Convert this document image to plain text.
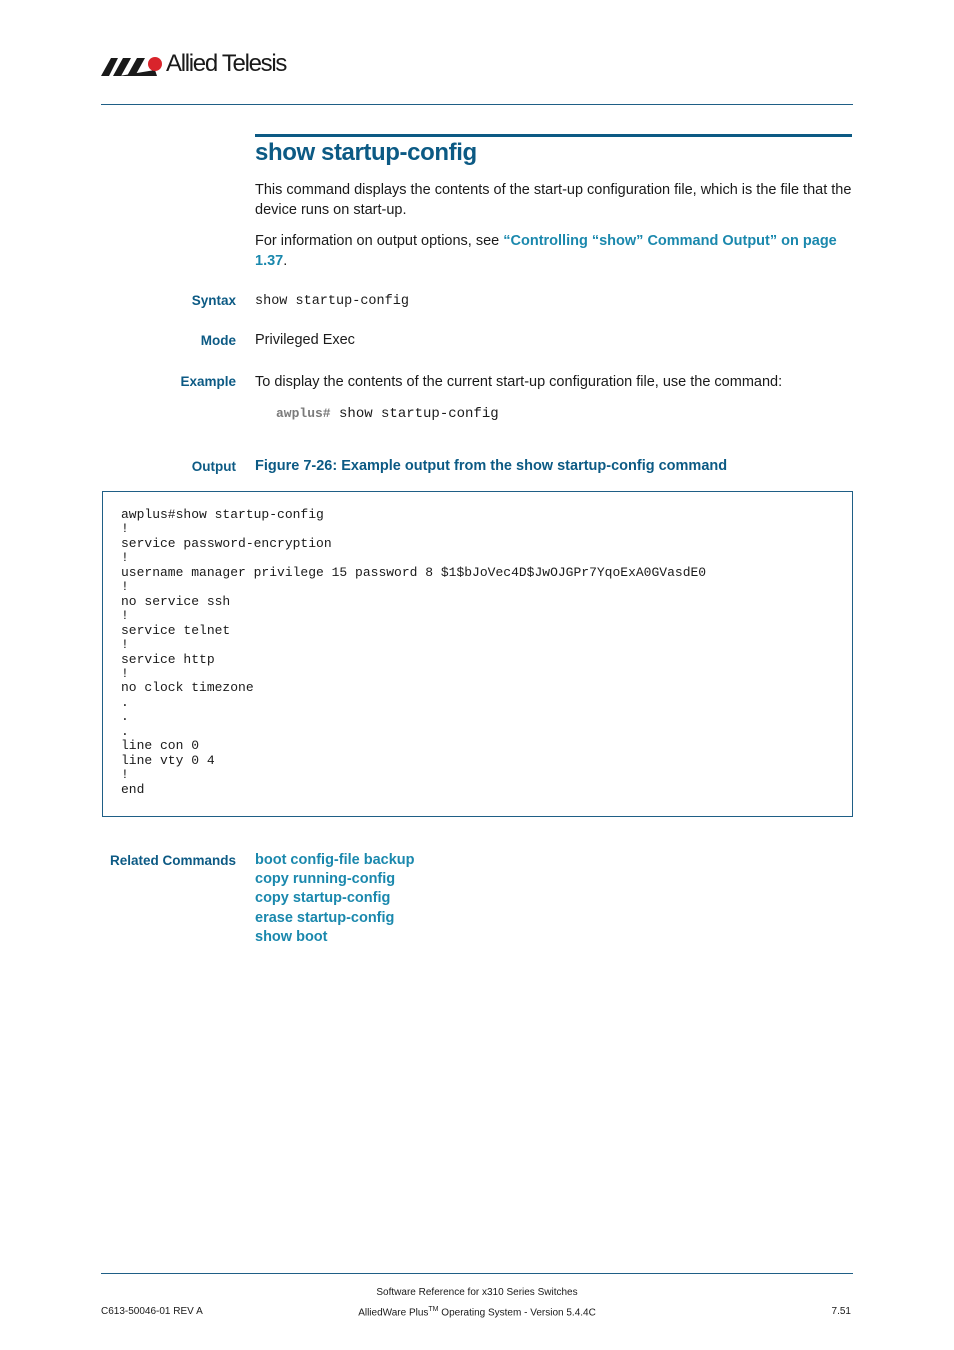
Allied Telesis
show startup-config
This command displays the contents of the start-up configuration file, which is the file that the device runs on start-up.
For information on output options, see “Controlling “show” Command Output” on page 1.37.
Syntax show startup-config
Mode Privileged Exec
Example To display the contents of the current start-up configuration file, use the command:
awplus# show startup-config
Output Figure 7-26: Example output from the show startup-config command
awplus#show startup-config
!
service password-encryption
!
username manager privilege 15 password 8 $1$bJoVec4D$JwOJGPr7YqoExA0GVasdE0
!
no service ssh
!
service telnet
!
service http
!
no clock timezone
.
.
.
line con 0
line vty 0 4
!
end
Related Commands boot config-file backup
copy running-config
copy startup-config
erase startup-config
show boot
Software Reference for x310 Series Switches
C613-50046-01 REV A	AlliedWare Plus™ Operating System - Version 5.4.4C	7.51
